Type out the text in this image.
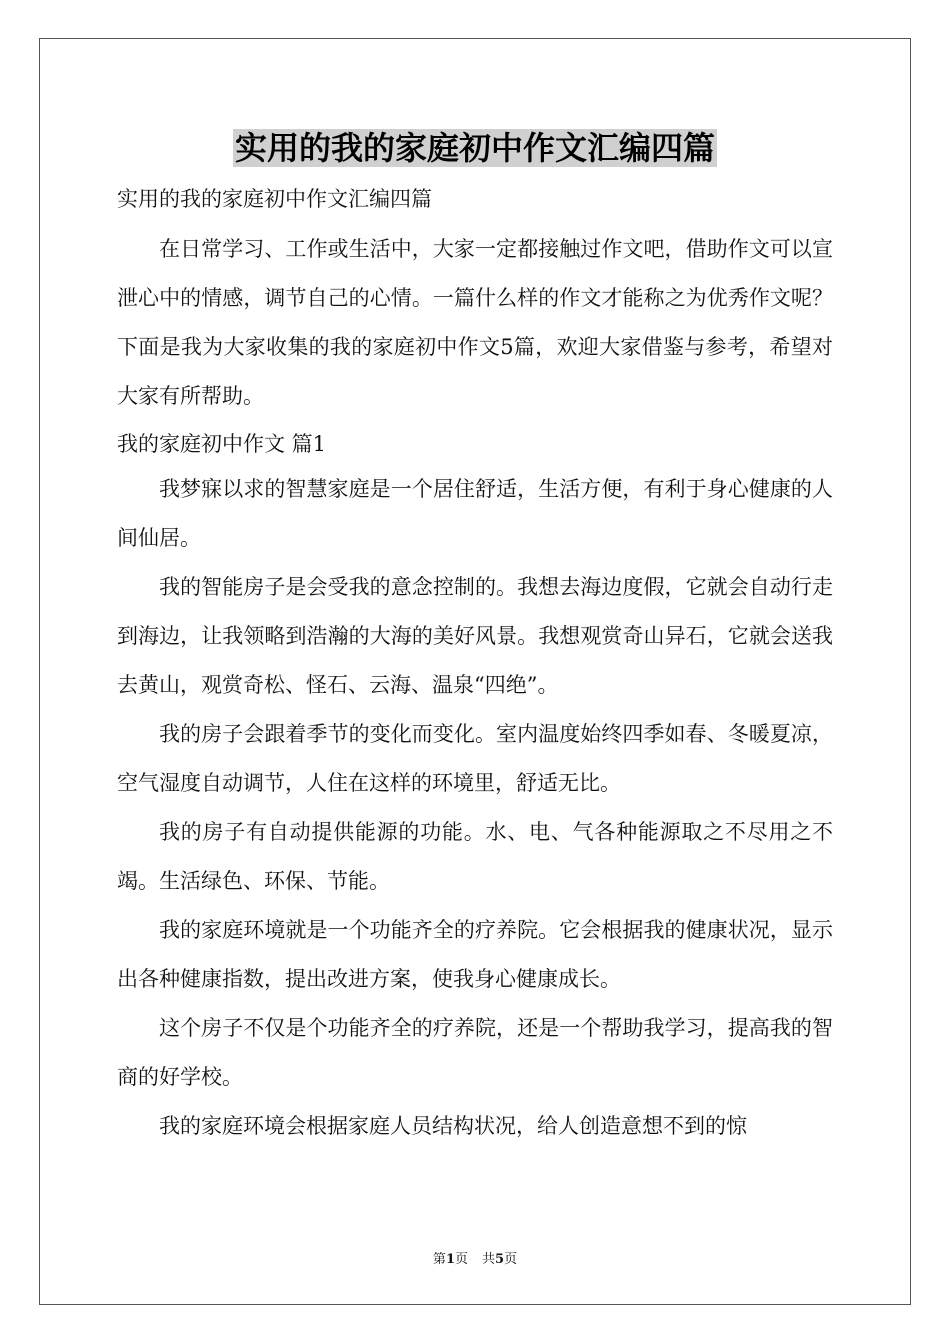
实用的我的家庭初中作文汇编四篇
实用的我的家庭初中作文汇编四篇

在日常学习、工作或生活中，大家一定都接触过作文吧，借助作文可以宣泄心中的情感，调节自己的心情。一篇什么样的作文才能称之为优秀作文呢？下面是我为大家收集的我的家庭初中作文5篇，欢迎大家借鉴与参考，希望对大家有所帮助。

我的家庭初中作文 篇1

我梦寐以求的智慧家庭是一个居住舒适，生活方便，有利于身心健康的人间仙居。

我的智能房子是会受我的意念控制的。我想去海边度假，它就会自动行走到海边，让我领略到浩瀚的大海的美好风景。我想观赏奇山异石，它就会送我去黄山，观赏奇松、怪石、云海、温泉“四绝”。

我的房子会跟着季节的变化而变化。室内温度始终四季如春、冬暖夏凉，空气湿度自动调节，人住在这样的环境里，舒适无比。

我的房子有自动提供能源的功能。水、电、气各种能源取之不尽用之不竭。生活绿色、环保、节能。

我的家庭环境就是一个功能齐全的疗养院。它会根据我的健康状况，显示出各种健康指数，提出改进方案，使我身心健康成长。

这个房子不仅是个功能齐全的疗养院，还是一个帮助我学习，提高我的智商的好学校。

我的家庭环境会根据家庭人员结构状况，给人创造意想不到的惊

第1页 共5页
